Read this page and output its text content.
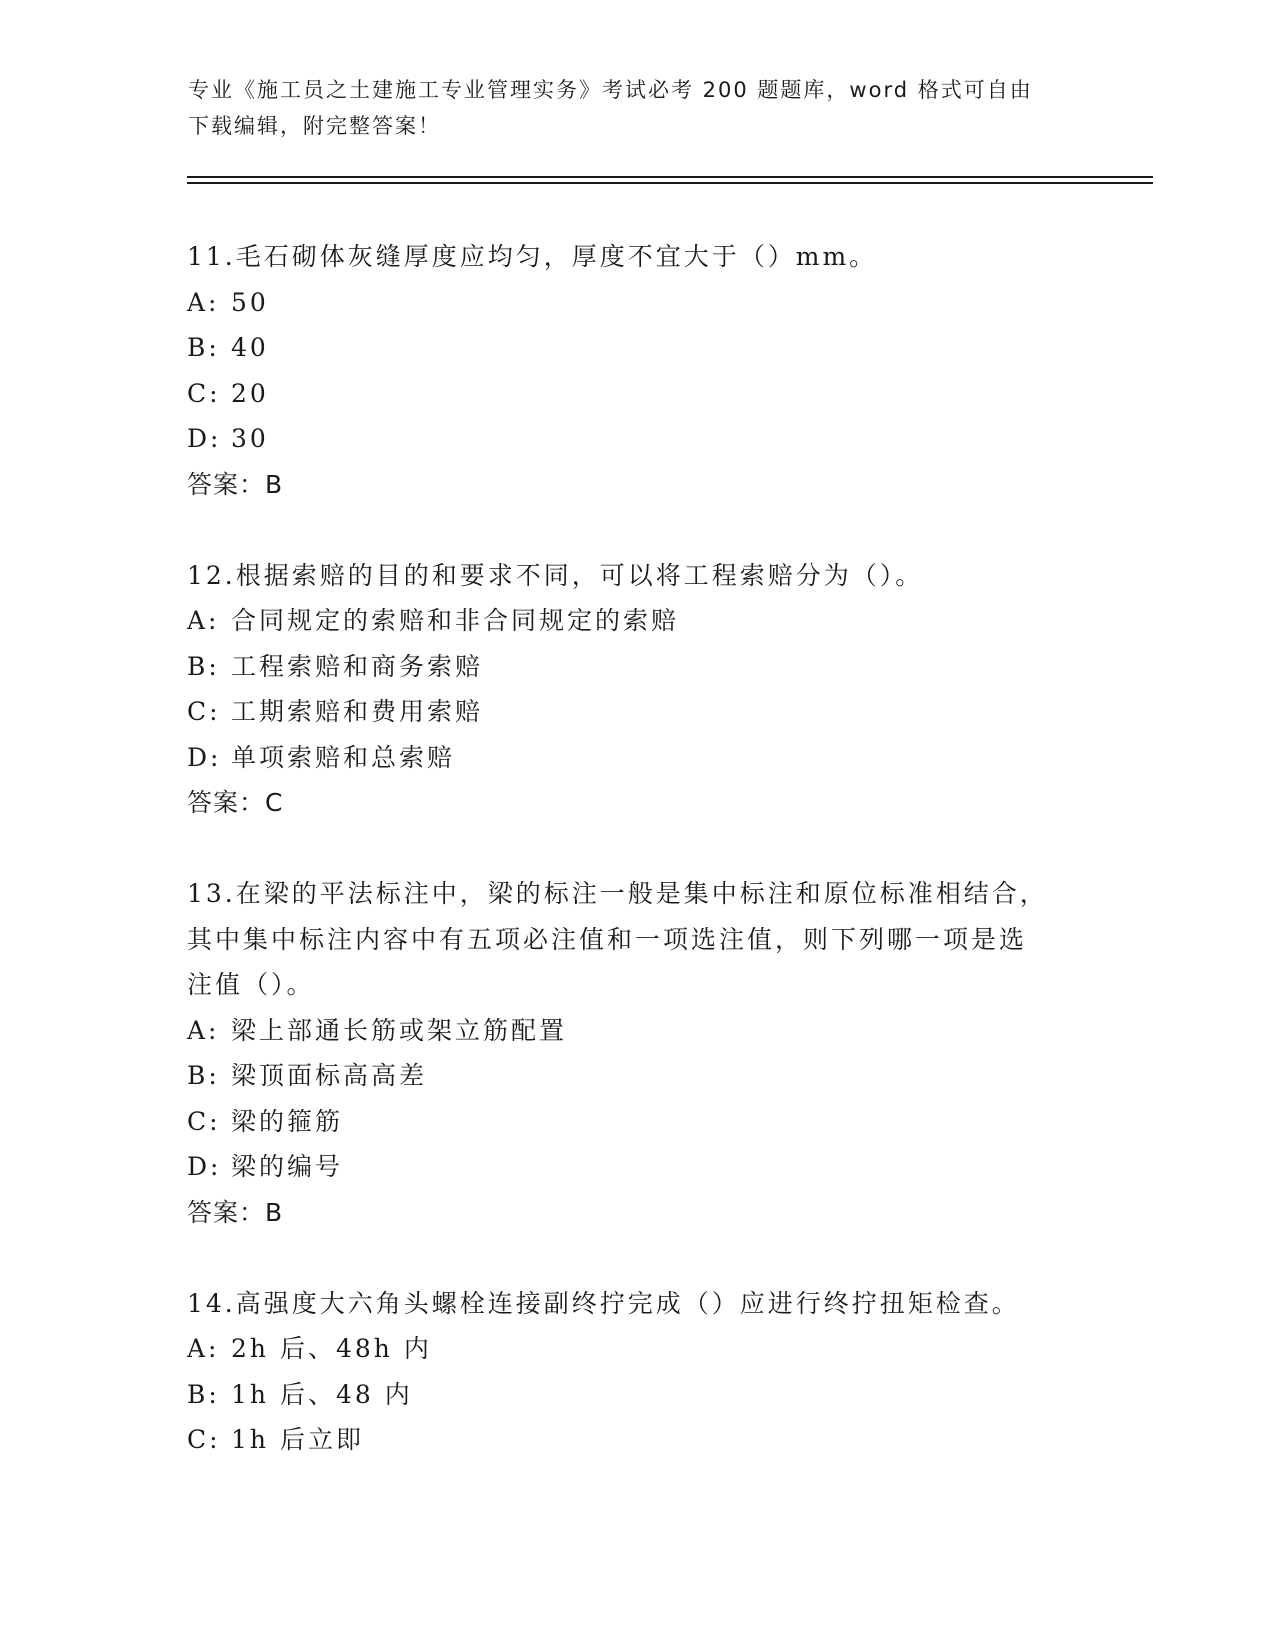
专业《施工员之土建施工专业管理实务》考试必考 200 题题库，word 格式可自由
下载编辑，附完整答案！
11.毛石砌体灰缝厚度应均匀，厚度不宜大于（）mm。
A: 50
B: 40
C: 20
D: 30
答案：B
12.根据索赔的目的和要求不同，可以将工程索赔分为（）。
A: 合同规定的索赔和非合同规定的索赔
B: 工程索赔和商务索赔
C: 工期索赔和费用索赔
D: 单项索赔和总索赔
答案：C
13.在梁的平法标注中，梁的标注一般是集中标注和原位标准相结合，
其中集中标注内容中有五项必注值和一项选注值，则下列哪一项是选
注值（）。
A: 梁上部通长筋或架立筋配置
B: 梁顶面标高高差
C: 梁的箍筋
D: 梁的编号
答案：B
14.高强度大六角头螺栓连接副终拧完成（）应进行终拧扭矩检查。
A: 2h 后、48h 内
B: 1h 后、48 内
C: 1h 后立即
